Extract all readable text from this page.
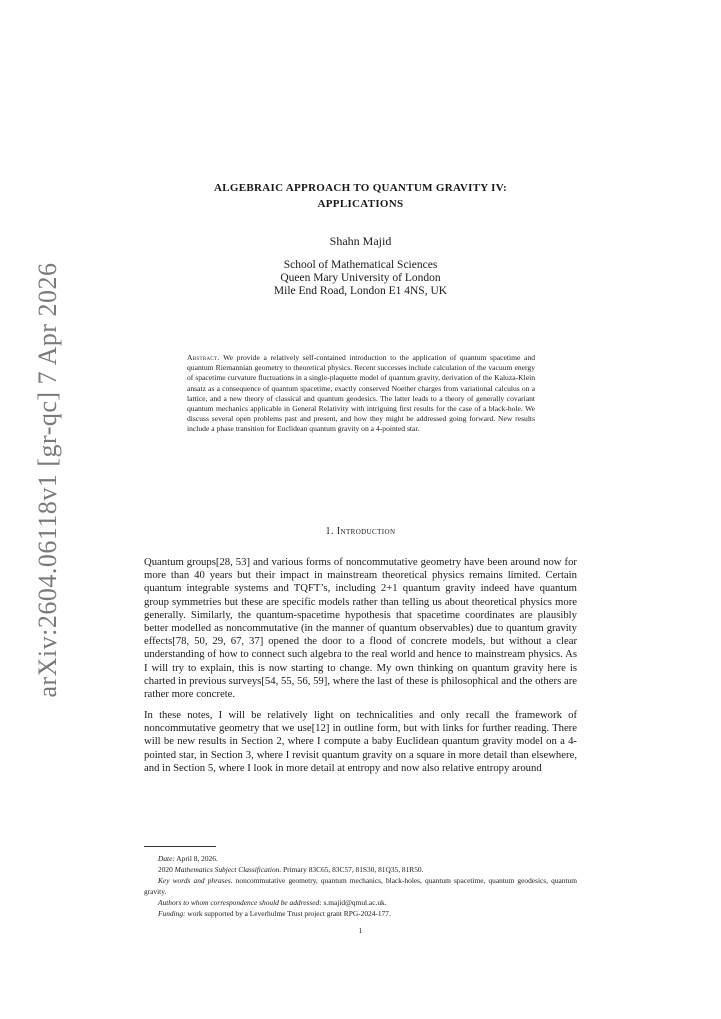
arXiv:2604.06118v1 [gr-qc] 7 Apr 2026
ALGEBRAIC APPROACH TO QUANTUM GRAVITY IV:
APPLICATIONS
Shahn Majid
School of Mathematical Sciences
Queen Mary University of London
Mile End Road, London E1 4NS, UK
Abstract. We provide a relatively self-contained introduction to the application of quantum spacetime and quantum Riemannian geometry to theoretical physics. Recent successes include calculation of the vacuum energy of spacetime curvature fluctuations in a single-plaquette model of quantum gravity, derivation of the Kaluza-Klein ansatz as a consequence of quantum spacetime, exactly conserved Noether charges from variational calculus on a lattice, and a new theory of classical and quantum geodesics. The latter leads to a theory of generally covariant quantum mechanics applicable in General Relativity with intriguing first results for the case of a black-hole. We discuss several open problems past and present, and how they might be addressed going forward. New results include a phase transition for Euclidean quantum gravity on a 4-pointed star.
1. Introduction
Quantum groups[28, 53] and various forms of noncommutative geometry have been around now for more than 40 years but their impact in mainstream theoretical physics remains limited. Certain quantum integrable systems and TQFT’s, including 2+1 quantum gravity indeed have quantum group symmetries but these are specific models rather than telling us about theoretical physics more generally. Similarly, the quantum-spacetime hypothesis that spacetime coordinates are plausibly better modelled as noncommutative (in the manner of quantum observables) due to quantum gravity effects[78, 50, 29, 67, 37] opened the door to a flood of concrete models, but without a clear understanding of how to connect such algebra to the real world and hence to mainstream physics. As I will try to explain, this is now starting to change. My own thinking on quantum gravity here is charted in previous surveys[54, 55, 56, 59], where the last of these is philosophical and the others are rather more concrete.
In these notes, I will be relatively light on technicalities and only recall the framework of noncommutative geometry that we use[12] in outline form, but with links for further reading. There will be new results in Section 2, where I compute a baby Euclidean quantum gravity model on a 4-pointed star, in Section 3, where I revisit quantum gravity on a square in more detail than elsewhere, and in Section 5, where I look in more detail at entropy and now also relative entropy around
Date: April 8, 2026.
2020 Mathematics Subject Classification. Primary 83C65, 83C57, 81S30, 81Q35, 81R50.
Key words and phrases. noncommutative geometry, quantum mechanics, black-holes, quantum spacetime, quantum geodesics, quantum gravity.
Authors to whom correspondence should be addressed: s.majid@qmul.ac.uk.
Funding: work supported by a Leverhulme Trust project grant RPG-2024-177.
1
